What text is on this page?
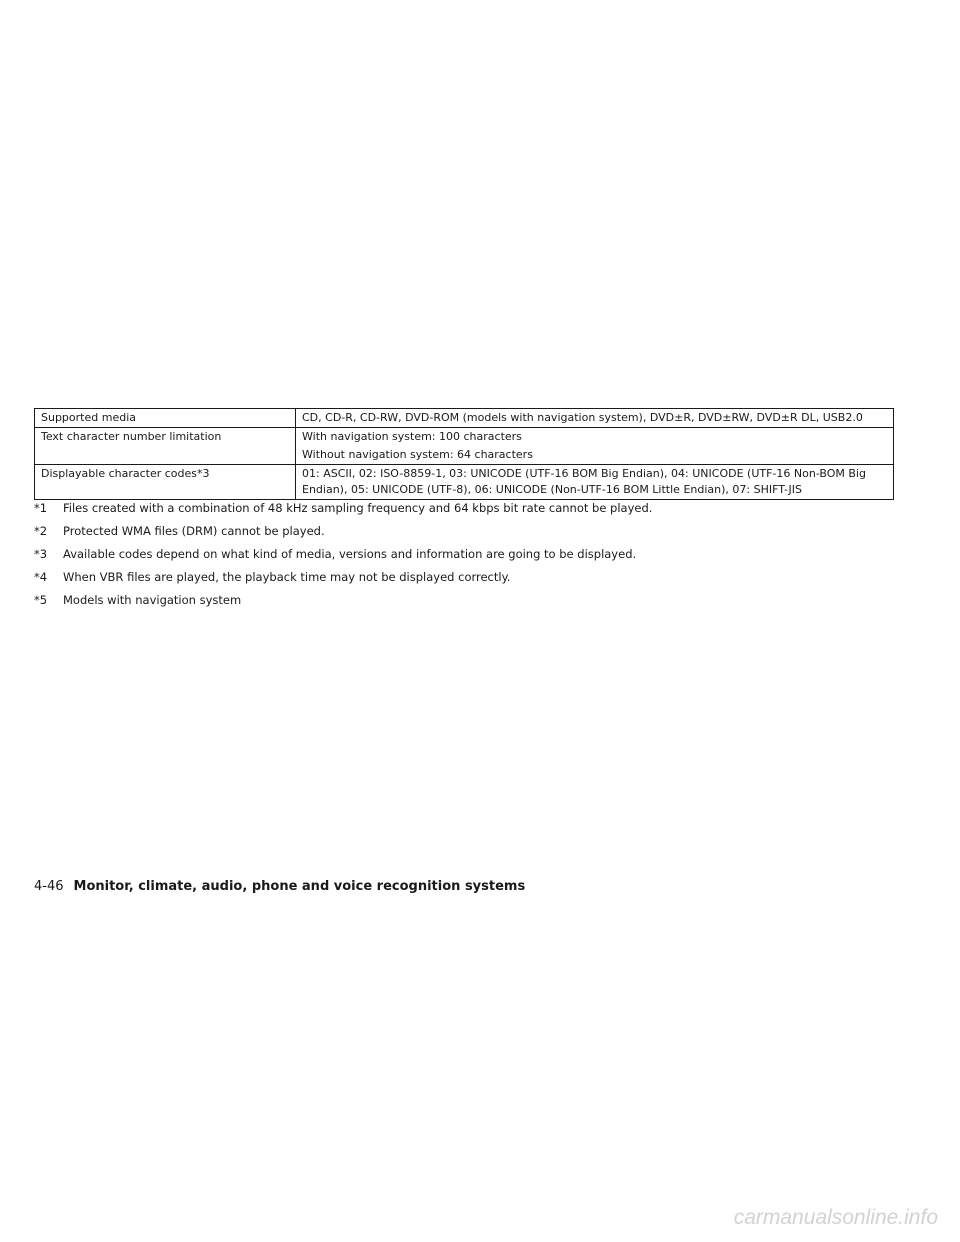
Supported media	CD, CD-R, CD-RW, DVD-ROM (models with navigation system), DVD±R, DVD±RW, DVD±R DL, USB2.0

Text character number limitation	With navigation system: 100 characters
Without navigation system: 64 characters

Displayable character codes*3	01: ASCII, 02: ISO-8859-1, 03: UNICODE (UTF-16 BOM Big Endian), 04: UNICODE (UTF-16 Non-BOM Big Endian), 05: UNICODE (UTF-8), 06: UNICODE (Non-UTF-16 BOM Little Endian), 07: SHIFT-JIS
*1	Files created with a combination of 48 kHz sampling frequency and 64 kbps bit rate cannot be played.
*2	Protected WMA files (DRM) cannot be played.
*3	Available codes depend on what kind of media, versions and information are going to be displayed.
*4	When VBR files are played, the playback time may not be displayed correctly.
*5	Models with navigation system
4-46 Monitor, climate, audio, phone and voice recognition systems
carmanualsonline.info
